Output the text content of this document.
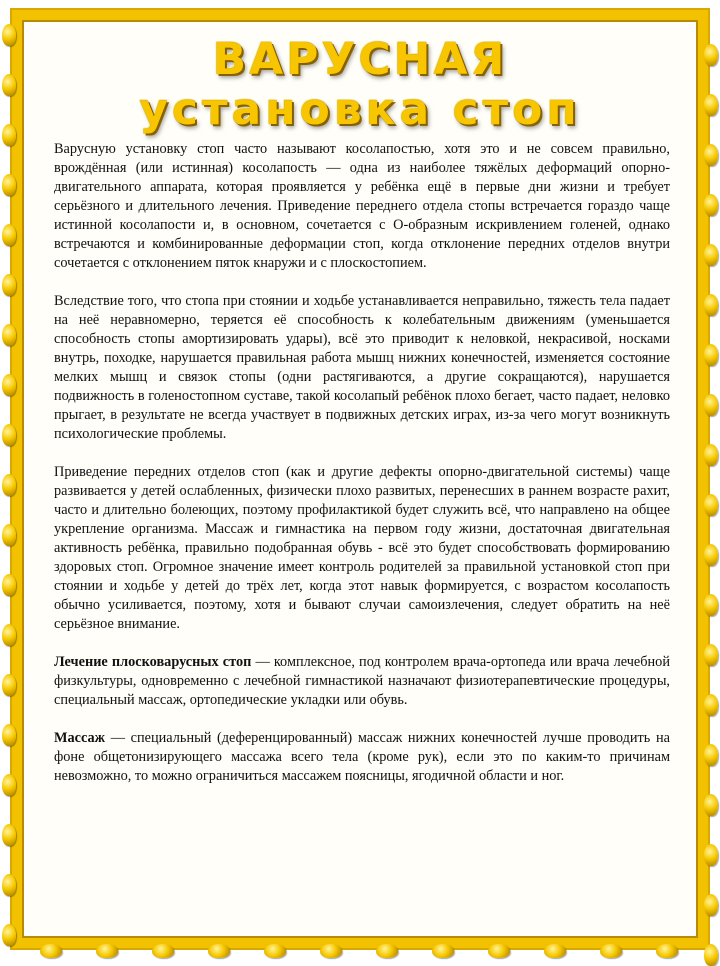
ВАРУСНАЯ
установка стоп

Варусную установку стоп часто называют косолапостью, хотя это и не совсем правильно, врождённая (или истинная) косолапость — одна из наиболее тяжёлых деформаций опорно-двигательного аппарата, которая проявляется у ребёнка ещё в первые дни жизни и требует серьёзного и длительного лечения. Приведение переднего отдела стопы встречается гораздо чаще истинной косолапости и, в основном, сочетается с О-образным искривлением голеней, однако встречаются и комбинированные деформации стоп, когда отклонение передних отделов внутри сочетается с отклонением пяток кнаружи и с плоскостопием.

Вследствие того, что стопа при стоянии и ходьбе устанавливается неправильно, тяжесть тела падает на неё неравномерно, теряется её способность к колебательным движениям (уменьшается способность стопы амортизировать удары), всё это приводит к неловкой, некрасивой, носками внутрь, походке, нарушается правильная работа мышц нижних конечностей, изменяется состояние мелких мышц и связок стопы (одни растягиваются, а другие сокращаются), нарушается подвижность в голеностопном суставе, такой косолапый ребёнок плохо бегает, часто падает, неловко прыгает, в результате не всегда участвует в подвижных детских играх, из-за чего могут возникнуть психологические проблемы.

Приведение передних отделов стоп (как и другие дефекты опорно-двигательной системы) чаще развивается у детей ослабленных, физически плохо развитых, перенесших в раннем возрасте рахит, часто и длительно болеющих, поэтому профилактикой будет служить всё, что направлено на общее укрепление организма. Массаж и гимнастика на первом году жизни, достаточная двигательная активность ребёнка, правильно подобранная обувь - всё это будет способствовать формированию здоровых стоп. Огромное значение имеет контроль родителей за правильной установкой стоп при стоянии и ходьбе у детей до трёх лет, когда этот навык формируется, с возрастом косолапость обычно усиливается, поэтому, хотя и бывают случаи самоизлечения, следует обратить на неё серьёзное внимание.

Лечение плосковарусных стоп — комплексное, под контролем врача-ортопеда или врача лечебной физкультуры, одновременно с лечебной гимнастикой назначают физиотерапевтические процедуры, специальный массаж, ортопедические укладки или обувь.

Массаж — специальный (деференцированный) массаж нижних конечностей лучше проводить на фоне общетонизирующего массажа всего тела (кроме рук), если это по каким-то причинам невозможно, то можно ограничиться массажем поясницы, ягодичной области и ног.
